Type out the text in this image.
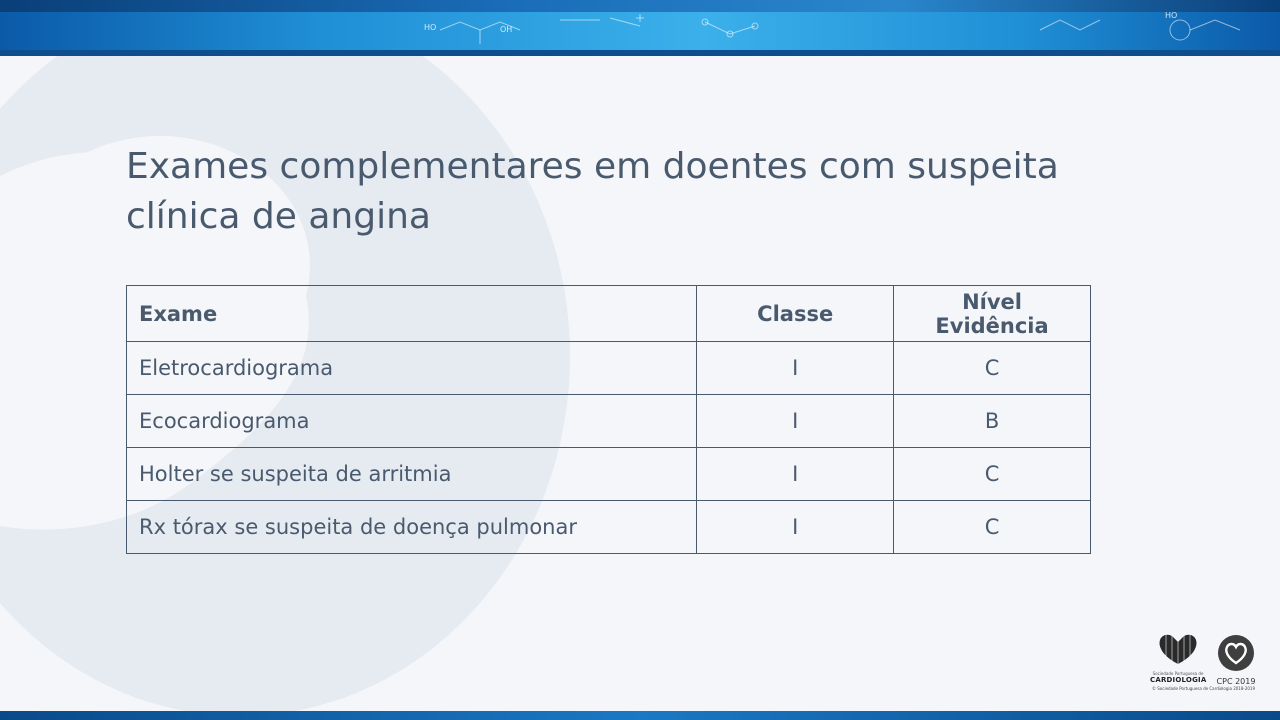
HO	OH
HO
Exames complementares em doentes com suspeita clínica de angina
Exame	Classe	Nível Evidência
Eletrocardiograma	I	C
Ecocardiograma	I	B
Holter se suspeita de arritmia	I	C
Rx tórax se suspeita de doença pulmonar	I	C
Sociedade Portuguesa de
CARDIOLOGIA CPC 2019
© Sociedade Portuguesa de Cardiologia 2018-2019
